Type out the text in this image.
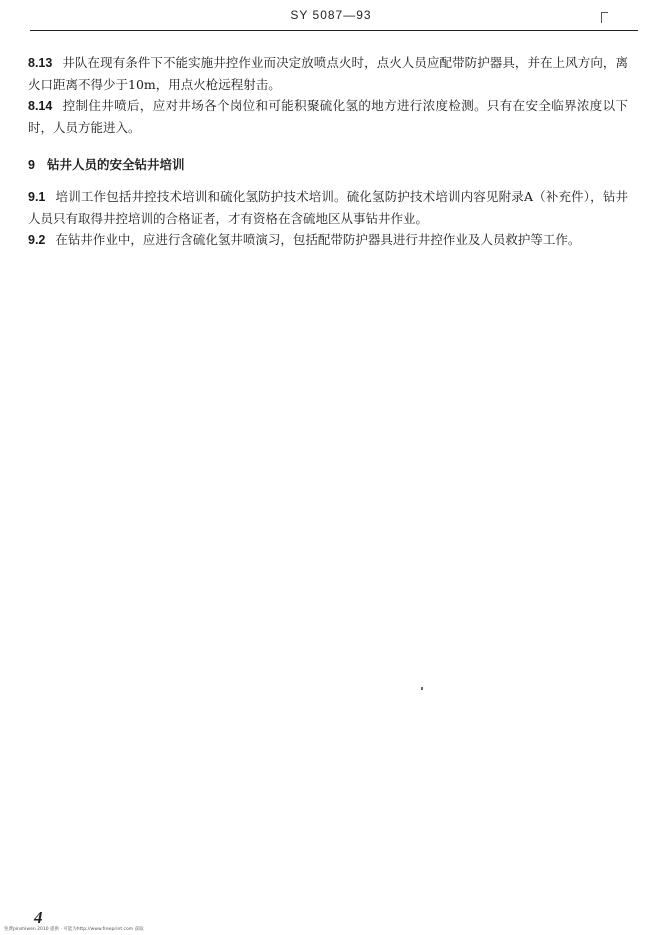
SY 5087—93

8.13 井队在现有条件下不能实施井控作业而决定放喷点火时，点火人员应配带防护器具，并在上风方向，离火口距离不得少于10m，用点火枪远程射击。

8.14 控制住井喷后，应对井场各个岗位和可能积聚硫化氢的地方进行浓度检测。只有在安全临界浓度以下时，人员方能进入。

9 钻井人员的安全钻井培训

9.1 培训工作包括井控技术培训和硫化氢防护技术培训。硫化氢防护技术培训内容见附录A（补充件），钻井人员只有取得井控培训的合格证者，才有资格在含硫地区从事钻井作业。

9.2 在钻井作业中，应进行含硫化氢井喷演习，包括配带防护器具进行井控作业及人员救护等工作。

4
免费pinshiwen 2010 提供 · 可能为http://www.freeprint.com 获取
